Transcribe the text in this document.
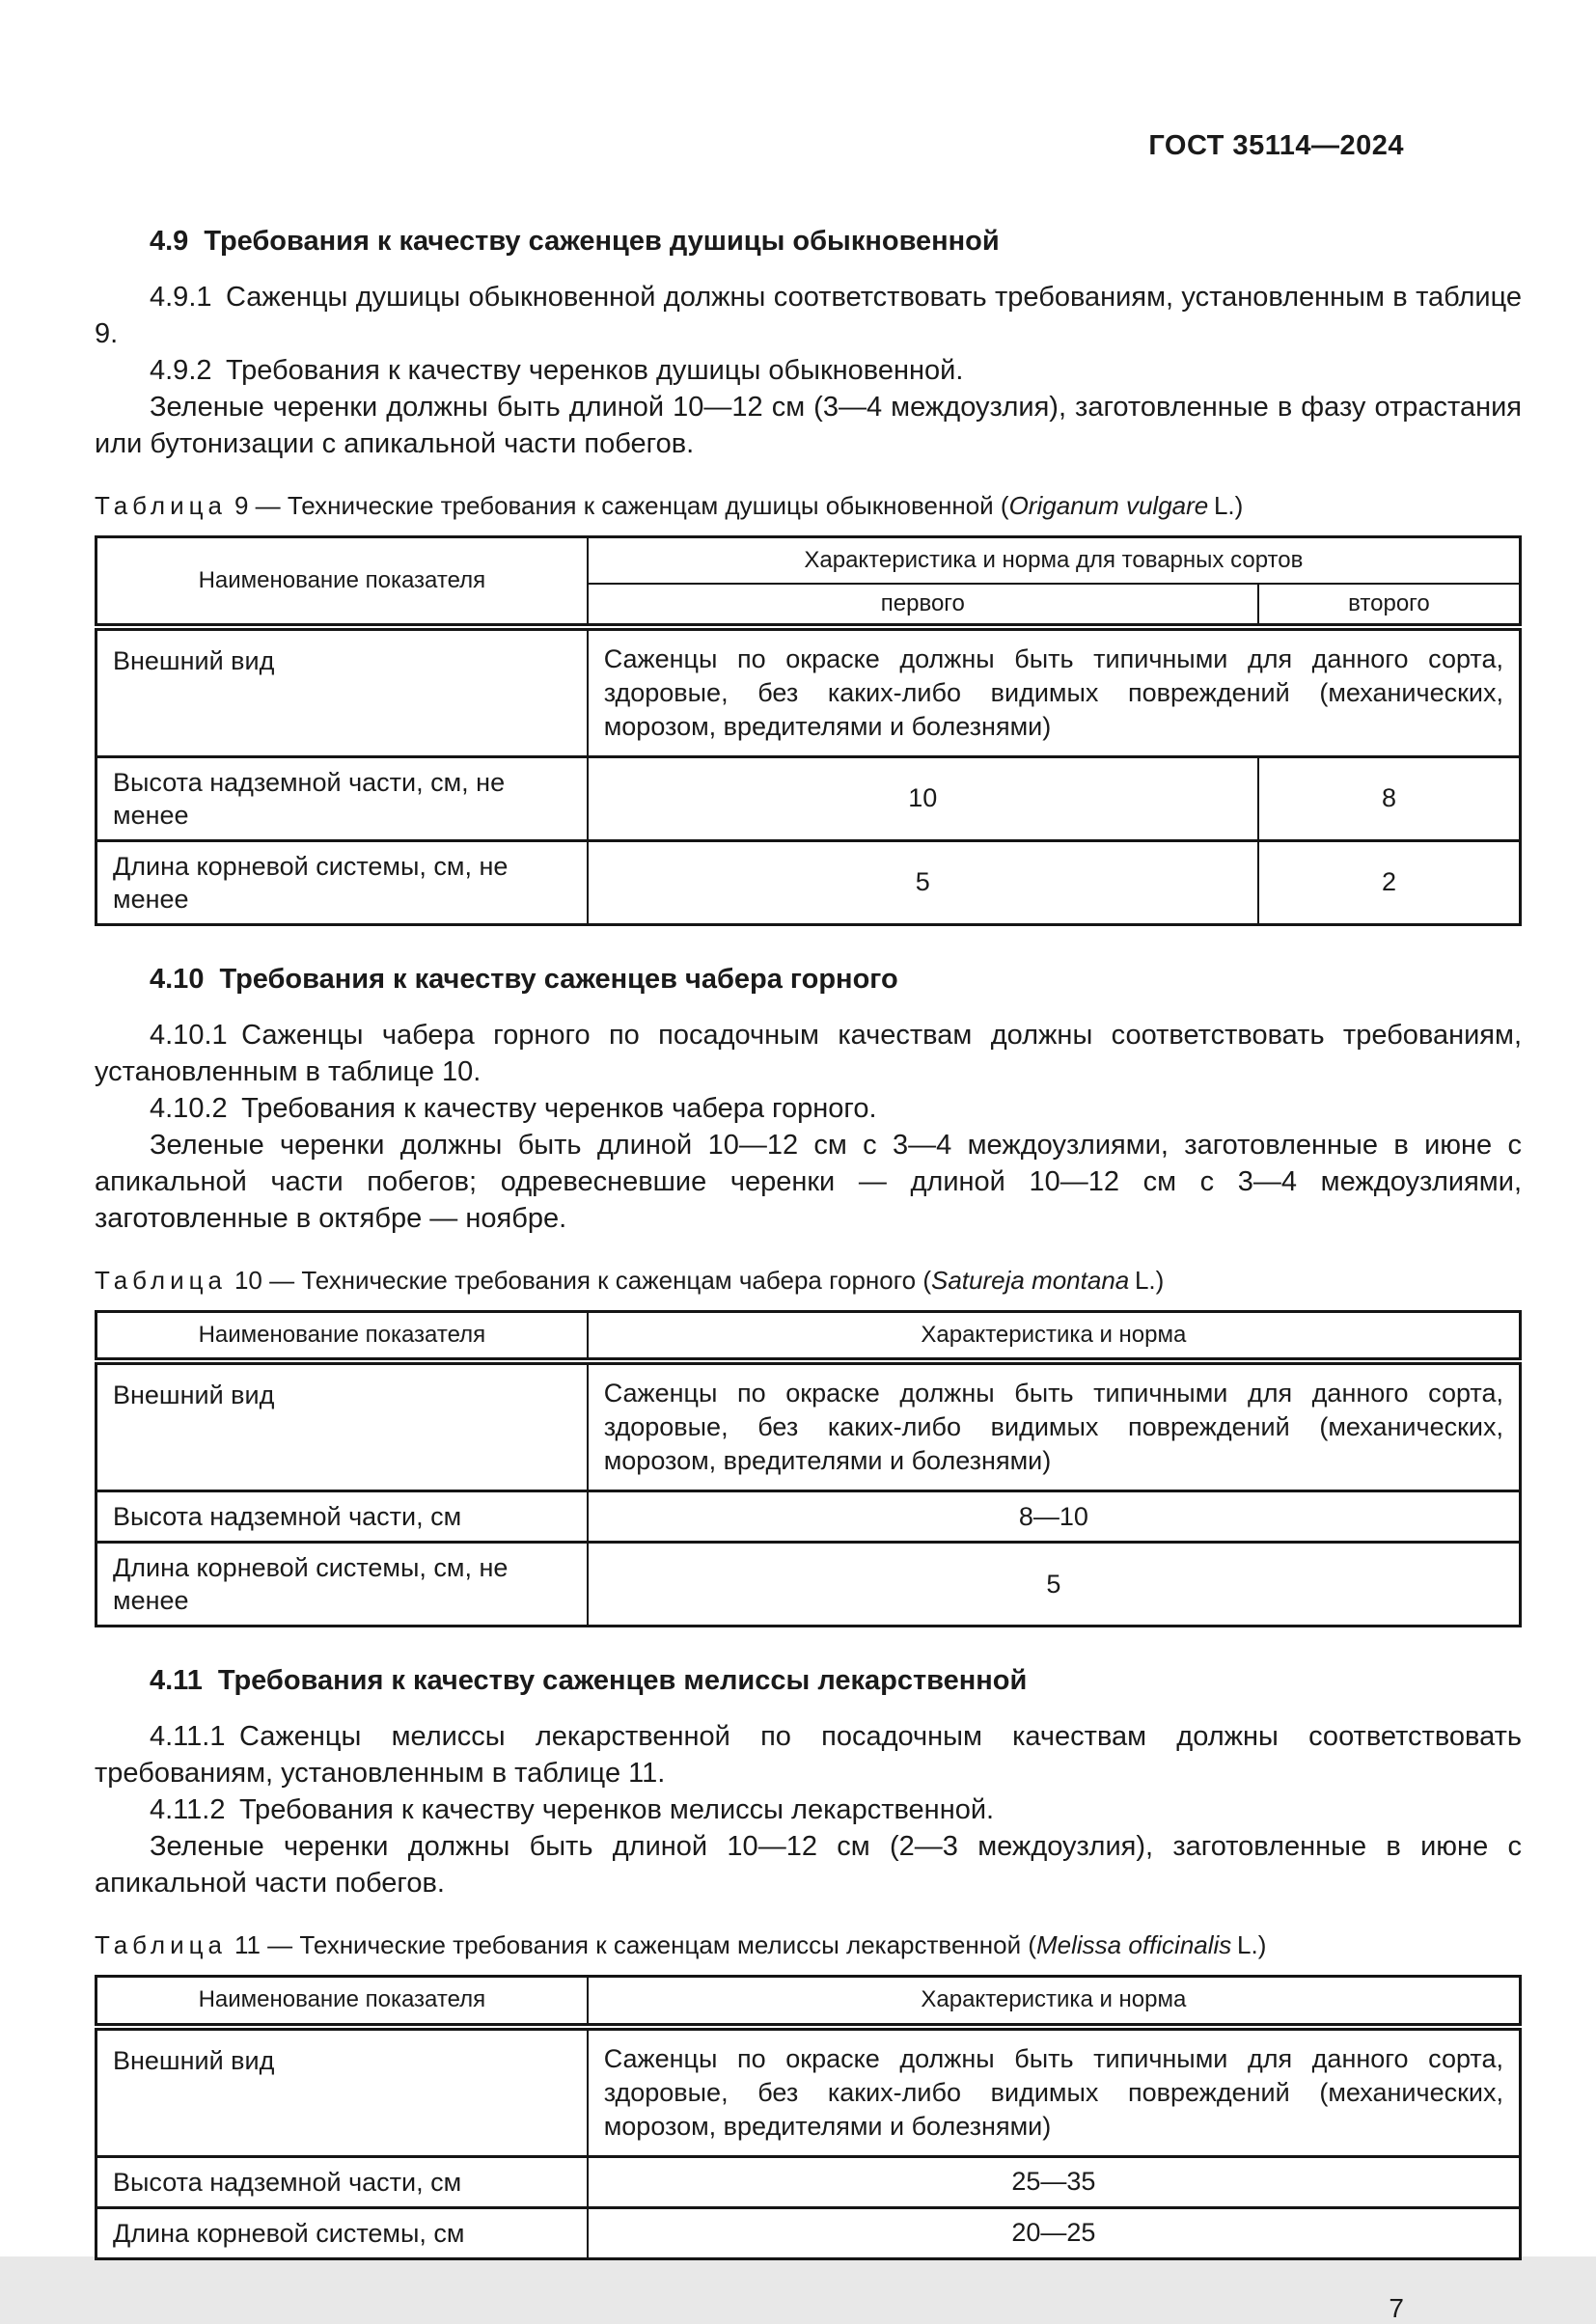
ГОСТ 35114—2024
4.9 Требования к качеству саженцев душицы обыкновенной

4.9.1 Саженцы душицы обыкновенной должны соответствовать требованиям, установленным в таблице 9.

4.9.2 Требования к качеству черенков душицы обыкновенной.

Зеленые черенки должны быть длиной 10—12 см (3—4 междоузлия), заготовленные в фазу отрастания или бутонизации с апикальной части побегов.

Таблица 9 — Технические требования к саженцам душицы обыкновенной (Origanum vulgare L.)

Наименование показателя	Характеристика и норма для товарных сортов	
	первого	второго
Внешний вид	Саженцы по окраске должны быть типичными для данного сорта, здоровые, без каких-либо видимых повреждений (механических, морозом, вредителями и болезнями)	
Высота надземной части, см, не менее	10	8
Длина корневой системы, см, не менее	5	2
4.10 Требования к качеству саженцев чабера горного

4.10.1 Саженцы чабера горного по посадочным качествам должны соответствовать требованиям, установленным в таблице 10.

4.10.2 Требования к качеству черенков чабера горного.

Зеленые черенки должны быть длиной 10—12 см с 3—4 междоузлиями, заготовленные в июне с апикальной части побегов; одревесневшие черенки — длиной 10—12 см с 3—4 междоузлиями, заготовленные в октябре — ноябре.

Таблица 10 — Технические требования к саженцам чабера горного (Satureja montana L.)

Наименование показателя	Характеристика и норма
Внешний вид	Саженцы по окраске должны быть типичными для данного сорта, здоровые, без каких-либо видимых повреждений (механических, морозом, вредителями и болезнями)
Высота надземной части, см	8—10
Длина корневой системы, см, не менее	5
4.11 Требования к качеству саженцев мелиссы лекарственной

4.11.1 Саженцы мелиссы лекарственной по посадочным качествам должны соответствовать требованиям, установленным в таблице 11.

4.11.2 Требования к качеству черенков мелиссы лекарственной.

Зеленые черенки должны быть длиной 10—12 см (2—3 междоузлия), заготовленные в июне с апикальной части побегов.

Таблица 11 — Технические требования к саженцам мелиссы лекарственной (Melissa officinalis L.)

Наименование показателя	Характеристика и норма
Внешний вид	Саженцы по окраске должны быть типичными для данного сорта, здоровые, без каких-либо видимых повреждений (механических, морозом, вредителями и болезнями)
Высота надземной части, см	25—35
Длина корневой системы, см	20—25
7
